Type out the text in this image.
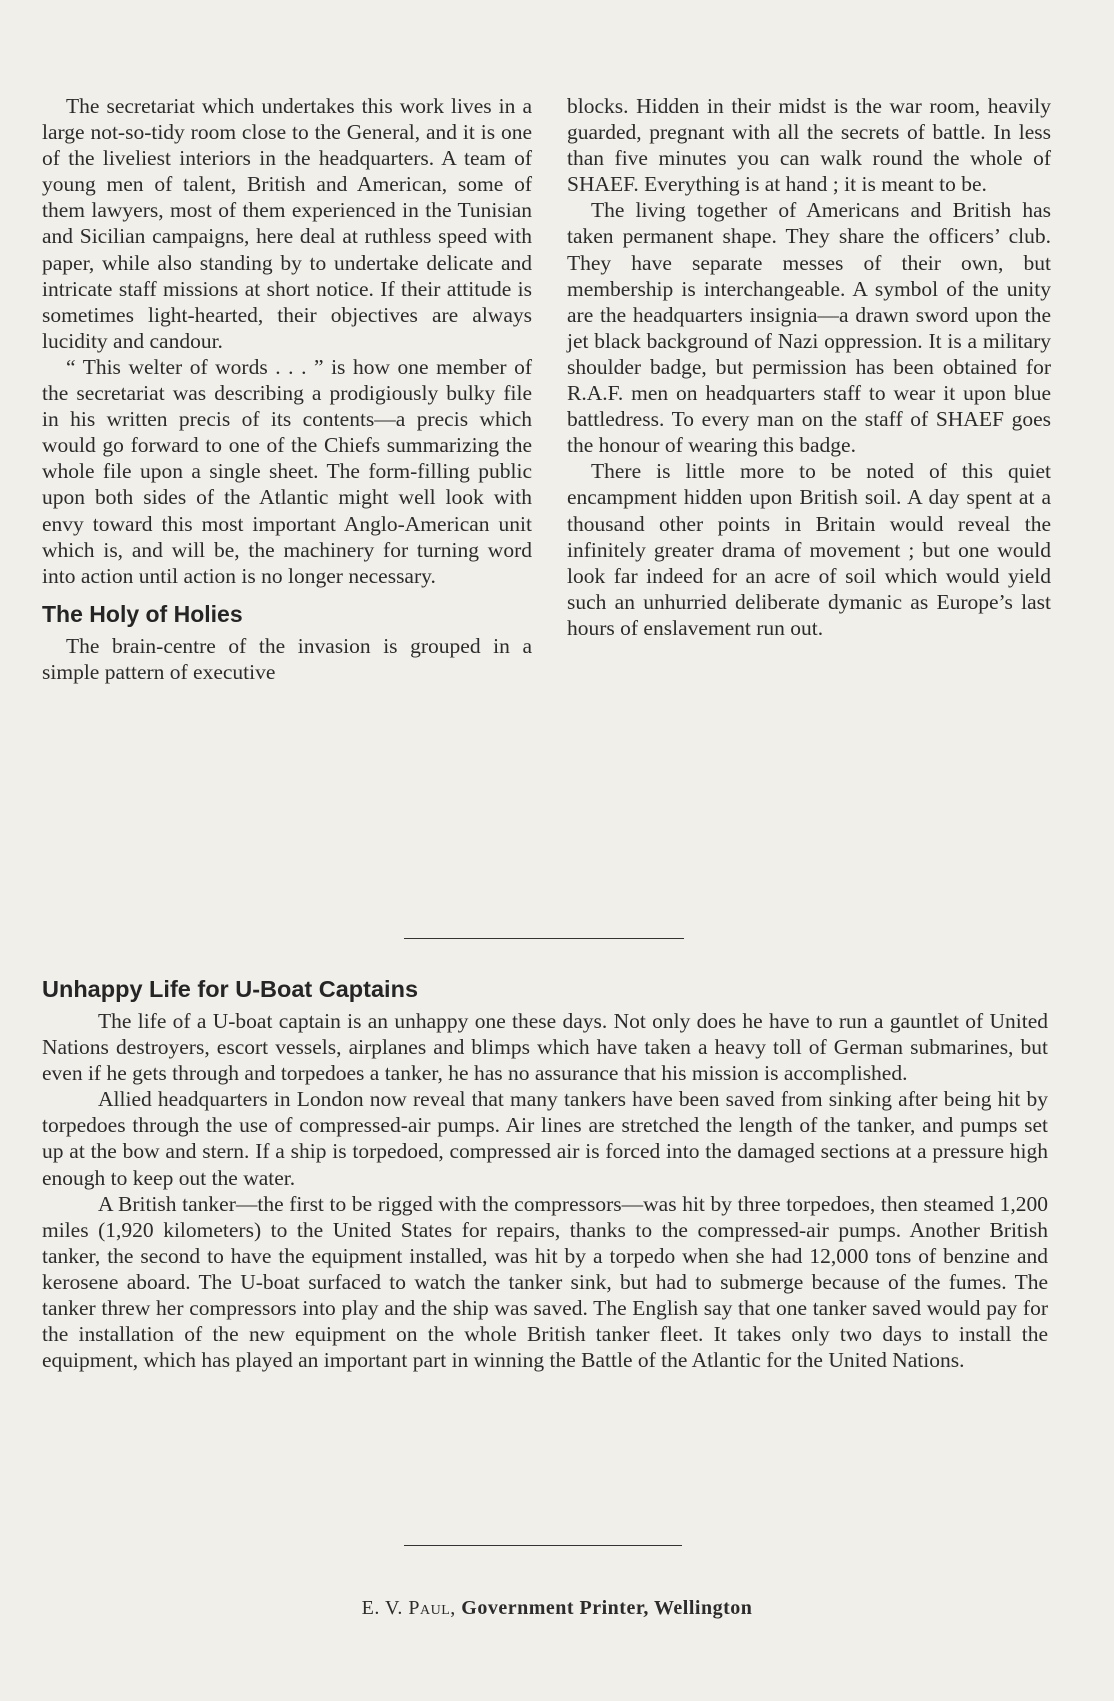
The secretariat which undertakes this work lives in a large not-so-tidy room close to the General, and it is one of the liveliest interiors in the headquarters. A team of young men of talent, British and American, some of them lawyers, most of them experienced in the Tunisian and Sicilian campaigns, here deal at ruthless speed with paper, while also standing by to undertake delicate and intricate staff missions at short notice. If their attitude is sometimes light-hearted, their objectives are always lucidity and candour.

“ This welter of words . . . ” is how one member of the secretariat was describing a prodigiously bulky file in his written precis of its contents—a precis which would go forward to one of the Chiefs summarizing the whole file upon a single sheet. The form-filling public upon both sides of the Atlantic might well look with envy toward this most important Anglo-American unit which is, and will be, the machinery for turning word into action until action is no longer necessary.

The Holy of Holies

The brain-centre of the invasion is grouped in a simple pattern of executive

blocks. Hidden in their midst is the war room, heavily guarded, pregnant with all the secrets of battle. In less than five minutes you can walk round the whole of SHAEF. Everything is at hand ; it is meant to be.

The living together of Americans and British has taken permanent shape. They share the officers’ club. They have separate messes of their own, but membership is interchangeable. A symbol of the unity are the headquarters insignia—a drawn sword upon the jet black background of Nazi oppression. It is a military shoulder badge, but permission has been obtained for R.A.F. men on headquarters staff to wear it upon blue battledress. To every man on the staff of SHAEF goes the honour of wearing this badge.

There is little more to be noted of this quiet encampment hidden upon British soil. A day spent at a thousand other points in Britain would reveal the infinitely greater drama of movement ; but one would look far indeed for an acre of soil which would yield such an unhurried deliberate dymanic as Europe’s last hours of enslavement run out.

Unhappy Life for U-Boat Captains

The life of a U-boat captain is an unhappy one these days. Not only does he have to run a gauntlet of United Nations destroyers, escort vessels, airplanes and blimps which have taken a heavy toll of German submarines, but even if he gets through and torpedoes a tanker, he has no assurance that his mission is accomplished.

Allied headquarters in London now reveal that many tankers have been saved from sinking after being hit by torpedoes through the use of compressed-air pumps. Air lines are stretched the length of the tanker, and pumps set up at the bow and stern. If a ship is torpedoed, compressed air is forced into the damaged sections at a pressure high enough to keep out the water.

A British tanker—the first to be rigged with the compressors—was hit by three torpedoes, then steamed 1,200 miles (1,920 kilometers) to the United States for repairs, thanks to the compressed-air pumps. Another British tanker, the second to have the equipment installed, was hit by a torpedo when she had 12,000 tons of benzine and kerosene aboard. The U-boat surfaced to watch the tanker sink, but had to submerge because of the fumes. The tanker threw her compressors into play and the ship was saved. The English say that one tanker saved would pay for the installation of the new equipment on the whole British tanker fleet. It takes only two days to install the equipment, which has played an important part in winning the Battle of the Atlantic for the United Nations.

E. V. Paul, Government Printer, Wellington
